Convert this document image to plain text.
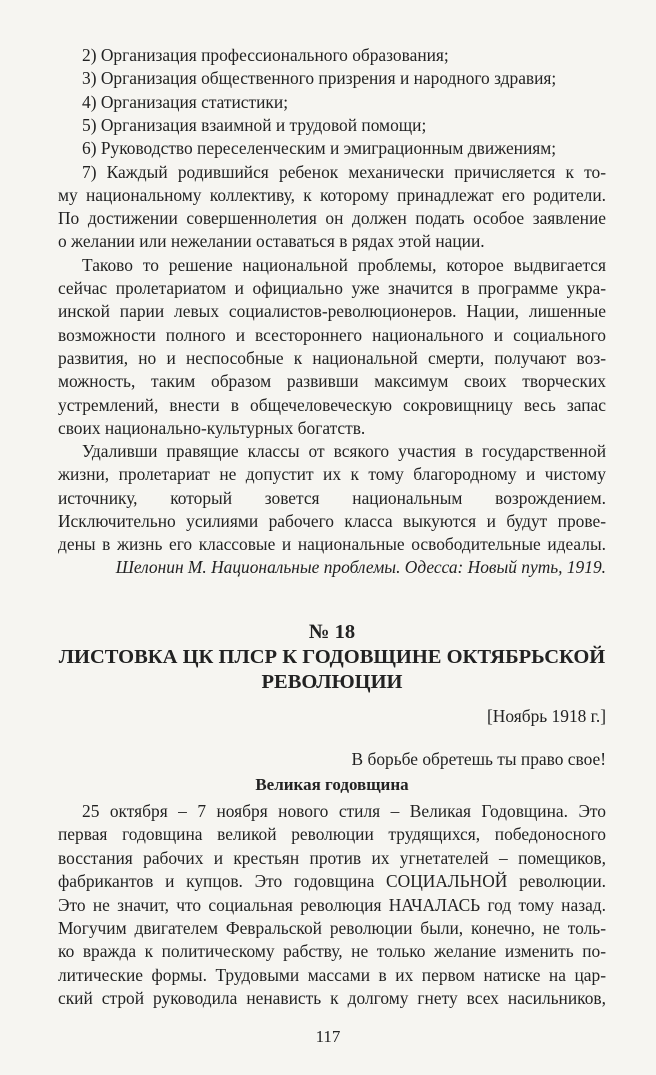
2) Организация профессионального образования;
3) Организация общественного призрения и народного здравия;
4) Организация статистики;
5) Организация взаимной и трудовой помощи;
6) Руководство переселенческим и эмиграционным движениям;
7) Каждый родившийся ребенок механически причисляется к то-
му национальному коллективу, к которому принадлежат его родители.
По достижении совершеннолетия он должен подать особое заявление
о желании или нежелании оставаться в рядах этой нации.
Таково то решение национальной проблемы, которое выдвигается
сейчас пролетариатом и официально уже значится в программе укра-
инской парии левых социалистов-революционеров. Нации, лишенные
возможности полного и всестороннего национального и социального
развития, но и неспособные к национальной смерти, получают воз-
можность, таким образом развивши максимум своих творческих
устремлений, внести в общечеловеческую сокровищницу весь запас
своих национально-культурных богатств.
Удаливши правящие классы от всякого участия в государственной
жизни, пролетариат не допустит их к тому благородному и чистому
источнику, который зовется национальным возрождением.
Исключительно усилиями рабочего класса выкуются и будут прове-
дены в жизнь его классовые и национальные освободительные идеалы.
Шелонин М. Национальные проблемы. Одесса: Новый путь, 1919.
№ 18
ЛИСТОВКА ЦК ПЛСР К ГОДОВЩИНЕ ОКТЯБРЬСКОЙ
РЕВОЛЮЦИИ
[Ноябрь 1918 г.]
В борьбе обретешь ты право свое!
Великая годовщина
25 октября – 7 ноября нового стиля – Великая Годовщина. Это
первая годовщина великой революции трудящихся, победоносного
восстания рабочих и крестьян против их угнетателей – помещиков,
фабрикантов и купцов. Это годовщина СОЦИАЛЬНОЙ революции.
Это не значит, что социальная революция НАЧАЛАСЬ год тому назад.
Могучим двигателем Февральской революции были, конечно, не толь-
ко вражда к политическому рабству, не только желание изменить по-
литические формы. Трудовыми массами в их первом натиске на цар-
ский строй руководила ненависть к долгому гнету всех насильников,
117
